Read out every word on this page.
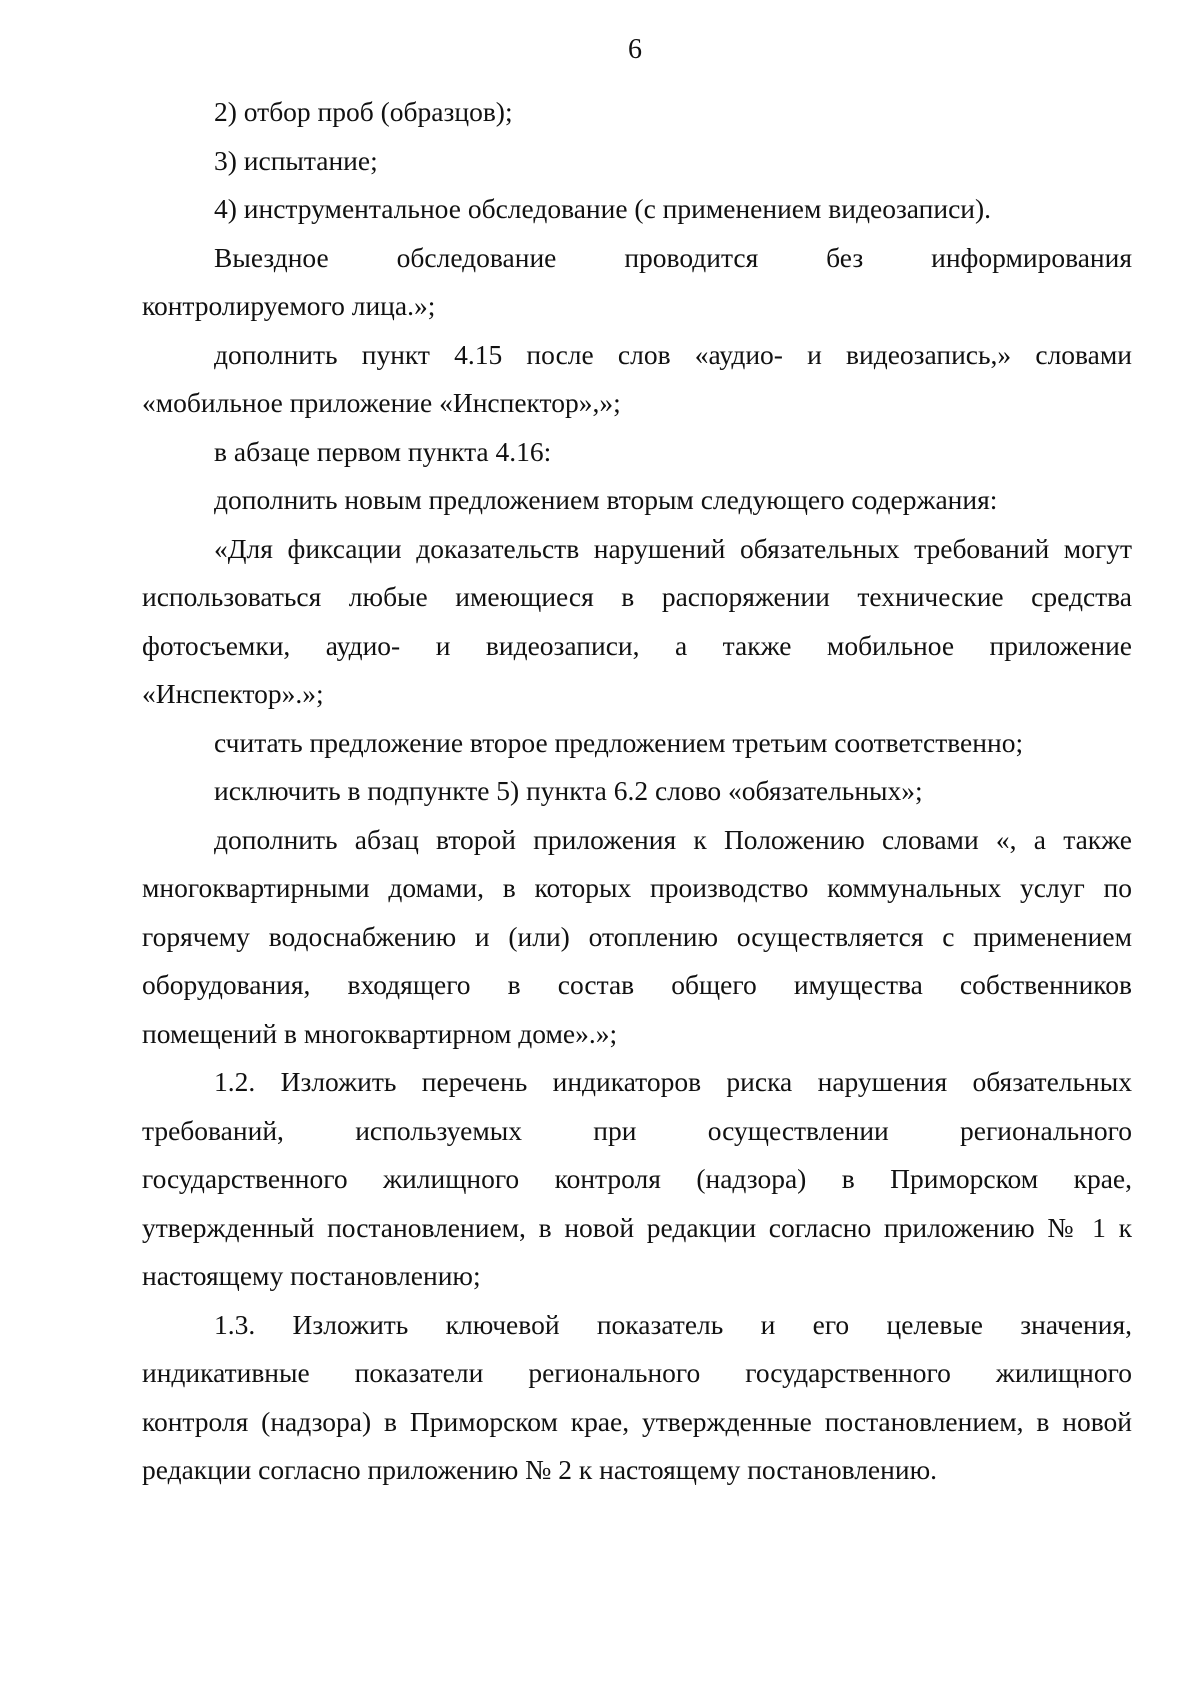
6
2) отбор проб (образцов);
3) испытание;
4) инструментальное обследование (с применением видеозаписи).
Выездное обследование проводится без информирования
контролируемого лица.»;
дополнить пункт 4.15 после слов «аудио- и видеозапись,» словами
«мобильное приложение «Инспектор»,»;
в абзаце первом пункта 4.16:
дополнить новым предложением вторым следующего содержания:
«Для фиксации доказательств нарушений обязательных требований могут
использоваться любые имеющиеся в распоряжении технические средства
фотосъемки, аудио- и видеозаписи, а также мобильное приложение
«Инспектор».»;
считать предложение второе предложением третьим соответственно;
исключить в подпункте 5) пункта 6.2 слово «обязательных»;
дополнить абзац второй приложения к Положению словами «, а также
многоквартирными домами, в которых производство коммунальных услуг по
горячему водоснабжению и (или) отоплению осуществляется с применением
оборудования, входящего в состав общего имущества собственников
помещений в многоквартирном доме».»;
1.2. Изложить перечень индикаторов риска нарушения обязательных
требований, используемых при осуществлении регионального
государственного жилищного контроля (надзора) в Приморском крае,
утвержденный постановлением, в новой редакции согласно приложению № 1 к
настоящему постановлению;
1.3. Изложить ключевой показатель и его целевые значения,
индикативные показатели регионального государственного жилищного
контроля (надзора) в Приморском крае, утвержденные постановлением, в новой
редакции согласно приложению № 2 к настоящему постановлению.
